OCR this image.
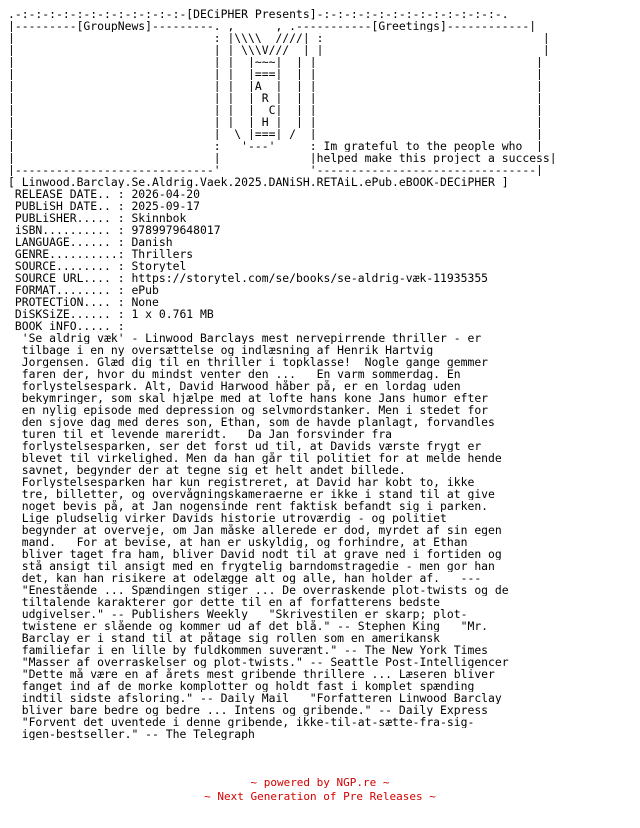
.-:-:-:-:-:-:-:-:-:-:-:-:-[DECiPHER Presents]-:-:-:-:-:-:-:-:-:-:-:-:-:-.
|---------[GroupNews]---------. ,      , .-----------[Greetings]------------|
|                             : |\\\\  ////| :                                |
|                             | | \\\V///  | |                                |
|                             | |  |~~~|  | |                                |
|                             | |  |===|  | |                                |
|                             | |  |A  |  | |                                |
|                             | |  | R |  | |                                |
|                             | |  |  C|  | |                                |
|                             | |  | H |  | |                                |
|                             |  \ |===| /  |                                |
|                             :   '---'     : Im grateful to the people who  |
|                             |             |helped make this project a success|
|-----------------------------'             '--------------------------------|
[ Linwood.Barclay.Se.Aldrig.Vaek.2025.DANiSH.RETAiL.ePub.eBOOK-DECiPHER ]
RELEASE DATE.. : 2026-04-20
PUBLiSH DATE.. : 2025-09-17
PUBLiSHER..... : Skinnbok
iSBN.......... : 9789979648017
LANGUAGE...... : Danish
GENRE..........: Thrillers
SOURCE........ : Storytel
SOURCE URL.... : https://storytel.com/se/books/se-aldrig-væk-11935355
FORMAT........ : ePub
PROTECTiON.... : None
DiSKSiZE...... : 1 x 0.761 MB
BOOK iNFO..... :
'Se aldrig væk' - Linwood Barclays mest nervepirrende thriller - er
tilbage i en ny oversættelse og indlæsning af Henrik Hartvig
Jorgensen. Glæd dig til en thriller i topklasse!  Nogle gange gemmer
faren der, hvor du mindst venter den ...   En varm sommerdag. En
forlystelsespark. Alt, David Harwood håber på, er en lordag uden
bekymringer, som skal hjælpe med at lofte hans kone Jans humor efter
en nylig episode med depression og selvmordstanker. Men i stedet for
den sjove dag med deres son, Ethan, som de havde planlagt, forvandles
turen til et levende mareridt.   Da Jan forsvinder fra
forlystelsesparken, ser det forst ud til, at Davids værste frygt er
blevet til virkelighed. Men da han går til politiet for at melde hende
savnet, begynder der at tegne sig et helt andet billede.
Forlystelsesparken har kun registreret, at David har kobt to, ikke
tre, billetter, og overvågningskameraerne er ikke i stand til at give
noget bevis på, at Jan nogensinde rent faktisk befandt sig i parken.
Lige pludselig virker Davids historie utroværdig - og politiet
begynder at overveje, om Jan måske allerede er dod, myrdet af sin egen
mand.   For at bevise, at han er uskyldig, og forhindre, at Ethan
bliver taget fra ham, bliver David nodt til at grave ned i fortiden og
stå ansigt til ansigt med en frygtelig barndomstragedie - men gor han
det, kan han risikere at odelægge alt og alle, han holder af.   ---
"Enestående ... Spændingen stiger ... De overraskende plot-twists og de
tiltalende karakterer gor dette til en af forfatterens bedste
udgivelser." -- Publishers Weekly   "Skrivestilen er skarp; plot-
twistene er slående og kommer ud af det blå." -- Stephen King   "Mr.
Barclay er i stand til at påtage sig rollen som en amerikansk
familiefar i en lille by fuldkommen suverænt." -- The New York Times
"Masser af overraskelser og plot-twists." -- Seattle Post-Intelligencer
"Dette må være en af årets mest gribende thrillere ... Læseren bliver
fanget ind af de morke komplotter og holdt fast i komplet spænding
indtil sidste afsloring." -- Daily Mail   "Forfatteren Linwood Barclay
bliver bare bedre og bedre ... Intens og gribende." -- Daily Express
"Forvent det uventede i denne gribende, ikke-til-at-sætte-fra-sig-
igen-bestseller." -- The Telegraph
~ powered by NGP.re ~
~ Next Generation of Pre Releases ~
